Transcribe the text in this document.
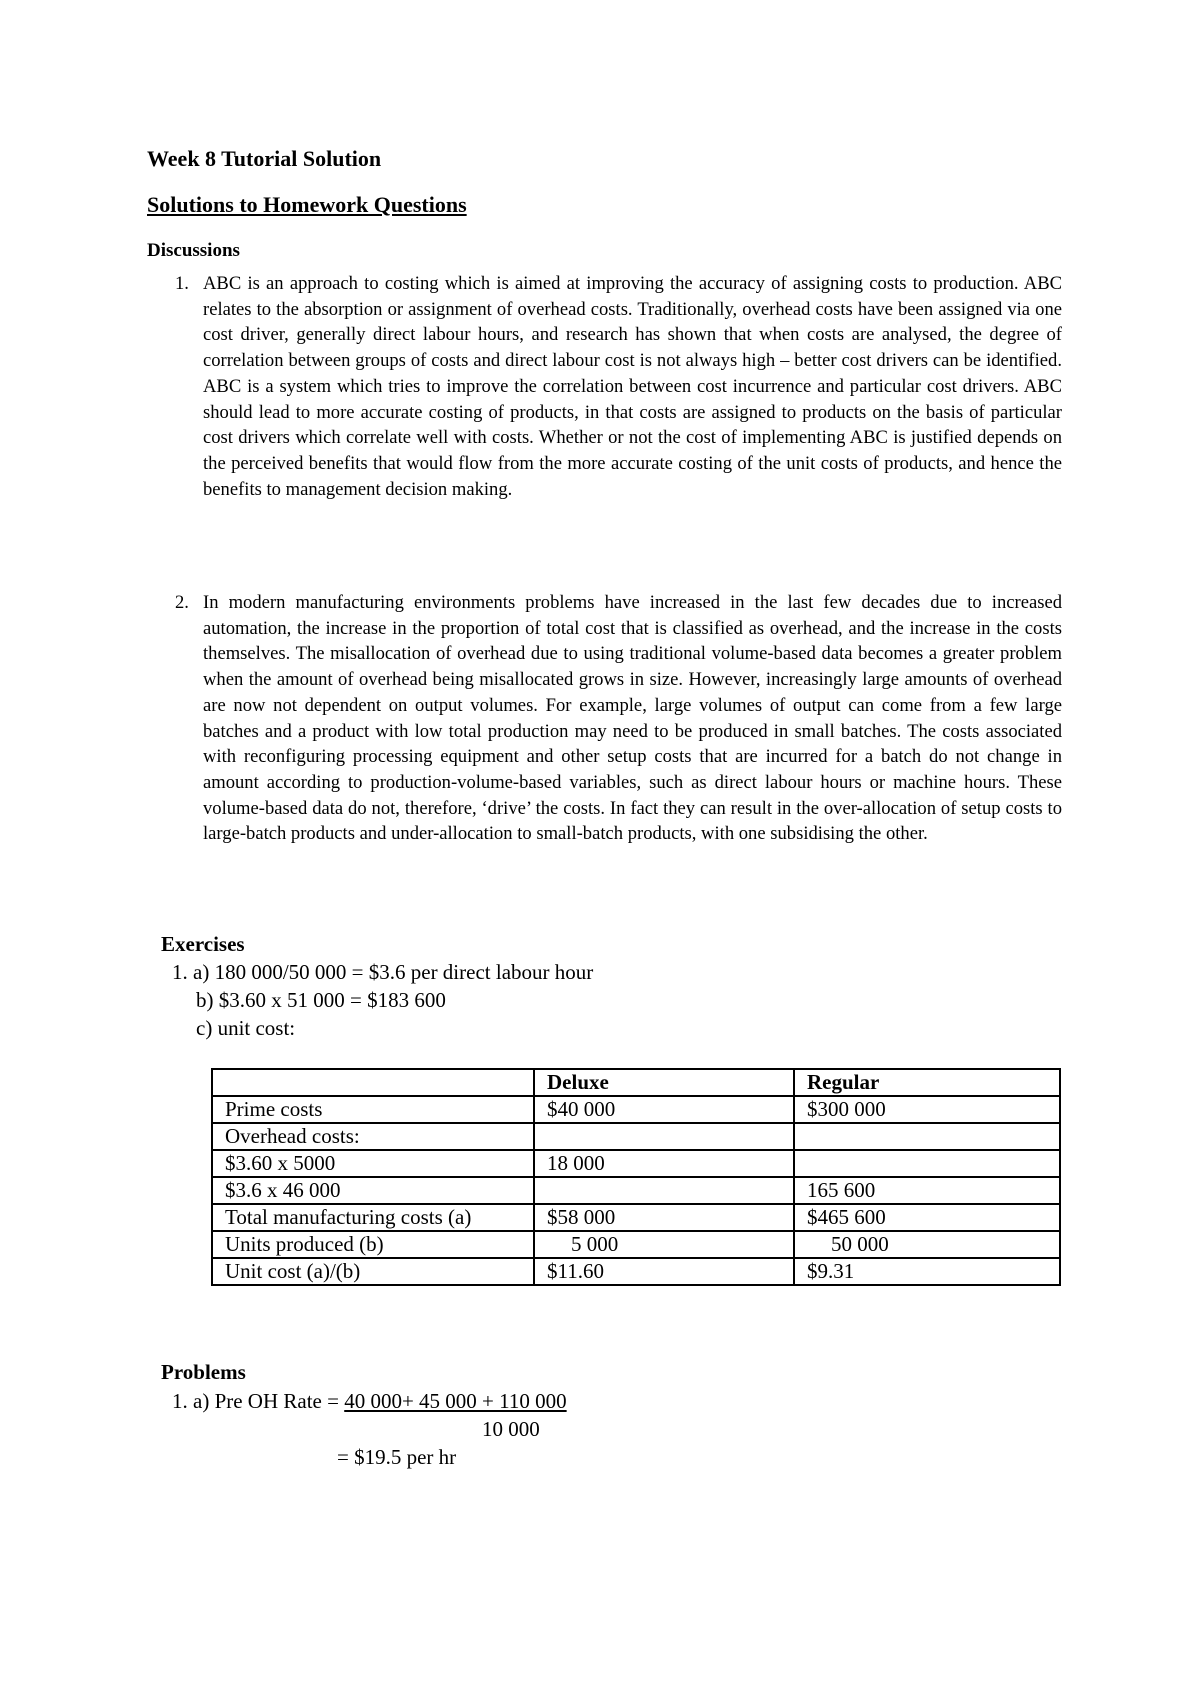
Week 8 Tutorial Solution
Solutions to Homework Questions
Discussions
1. ABC is an approach to costing which is aimed at improving the accuracy of assigning costs to production. ABC relates to the absorption or assignment of overhead costs. Traditionally, overhead costs have been assigned via one cost driver, generally direct labour hours, and research has shown that when costs are analysed, the degree of correlation between groups of costs and direct labour cost is not always high – better cost drivers can be identified. ABC is a system which tries to improve the correlation between cost incurrence and particular cost drivers. ABC should lead to more accurate costing of products, in that costs are assigned to products on the basis of particular cost drivers which correlate well with costs. Whether or not the cost of implementing ABC is justified depends on the perceived benefits that would flow from the more accurate costing of the unit costs of products, and hence the benefits to management decision making.
2. In modern manufacturing environments problems have increased in the last few decades due to increased automation, the increase in the proportion of total cost that is classified as overhead, and the increase in the costs themselves. The misallocation of overhead due to using traditional volume-based data becomes a greater problem when the amount of overhead being misallocated grows in size. However, increasingly large amounts of overhead are now not dependent on output volumes. For example, large volumes of output can come from a few large batches and a product with low total production may need to be produced in small batches. The costs associated with reconfiguring processing equipment and other setup costs that are incurred for a batch do not change in amount according to production-volume-based variables, such as direct labour hours or machine hours. These volume-based data do not, therefore, ‘drive’ the costs. In fact they can result in the over-allocation of setup costs to large-batch products and under-allocation to small-batch products, with one subsidising the other.
Exercises
1. a) 180 000/50 000 = $3.6 per direct labour hour
b) $3.60 x 51 000 = $183 600
c) unit cost:
	Deluxe	Regular
Prime costs	$40 000	$300 000
Overhead costs:		
$3.60 x 5000	18 000	
$3.6 x 46 000		165 600
Total manufacturing costs (a)	$58 000	$465 600
Units produced (b)	5 000	50 000
Unit cost (a)/(b)	$11.60	$9.31
Problems
1. a) Pre OH Rate = 40 000+ 45 000 + 110 000
10 000
= $19.5 per hr
